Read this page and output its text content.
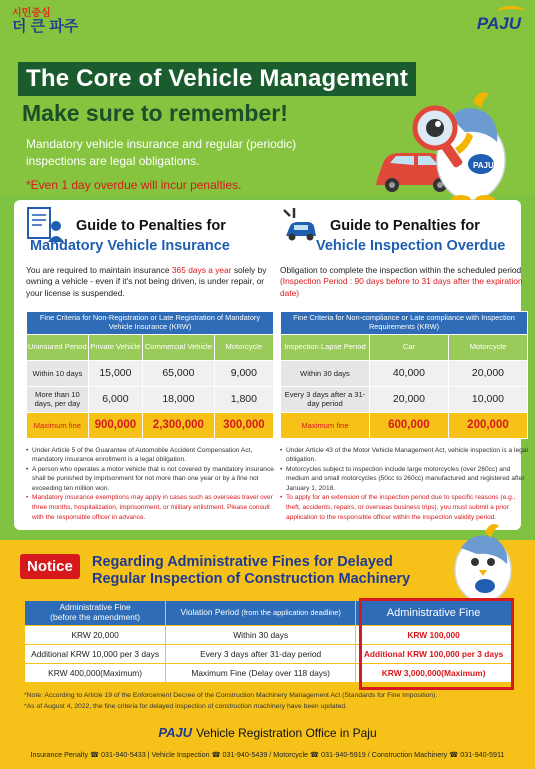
시민중심
더 큰 파주	PAJU
The Core of Vehicle Management
Make sure to remember!
Mandatory vehicle insurance and regular (periodic)
inspections are legal obligations.
*Even 1 day overdue will incur penalties.
PAJU
Guide to Penalties for
Mandatory Vehicle Insurance
You are required to maintain insurance 365 days a year solely by owning a vehicle - even if it's not being driven, is under repair, or your license is suspended.
Fine Criteria for Non-Registration or Late Registration of Mandatory Vehicle Insurance (KRW)			
Uninsured Period	Private Vehicle	Commercial Vehicle	Motorcycle
Within 10 days	15,000	65,000	9,000
More than 10 days, per day	6,000	18,000	1,800
Maximum fine	900,000	2,300,000	300,000
• Under Article 5 of the Guarantee of Automobile Accident Compensation Act, mandatory insurance enrollment is a legal obligation.
• A person who operates a motor vehicle that is not covered by mandatory insurance shall be punished by imprisonment for not more than one year or by a fine not exceeding ten million won.
• Mandatory insurance exemptions may apply in cases such as overseas travel over three months, hospitalization, imprisonment, or military enlistment. Please consult with the responsible officer in advance.
Guide to Penalties for
Vehicle Inspection Overdue
Obligation to complete the inspection within the scheduled period (Inspection Period : 90 days before to 31 days after the expiration date)
Fine Criteria for Non-compliance or Late compliance with Inspection Requirements (KRW)		
Inspection Lapse Period	Car	Motorcycle
Within 30 days	40,000	20,000
Every 3 days after a 31-day period	20,000	10,000
Maximum fine	600,000	200,000
• Under Article 43 of the Motor Vehicle Management Act, vehicle inspection is a legal obligation.
• Motorcycles subject to inspection include large motorcycles (over 260cc) and medium and small motorcycles (50cc to 260cc) manufactured and registered after January 1, 2018.
• To apply for an extension of the inspection period due to specific reasons (e.g., theft, accidents, repairs, or overseas business trips), you must submit a prior application to the responsible officer within the inspection validity period.
Notice	Regarding Administrative Fines for Delayed
Regular Inspection of Construction Machinery
Administrative Fine
(before the amendment)	Violation Period (from the application deadline)	Administrative Fine
KRW 20,000	Within 30 days	KRW 100,000
Additional KRW 10,000 per 3 days	Every 3 days after 31-day period	Additional KRW 100,000 per 3 days
KRW 400,000(Maximum)	Maximum Fine (Delay over 118 days)	KRW 3,000,000(Maximum)
*Note: According to Article 19 of the Enforcement Decree of the Construction Machinery Management Act (Standards for Fine Imposition).
*As of August 4, 2022, the fine criteria for delayed inspection of construction machinery have been updated.
PAJU Vehicle Registration Office in Paju
Insurance Penalty ☎ 031-940-5433 | Vehicle Inspection ☎ 031-940-5439 / Motorcycle ☎ 031-940-5919 / Construction Machinery ☎ 031-940-5911
